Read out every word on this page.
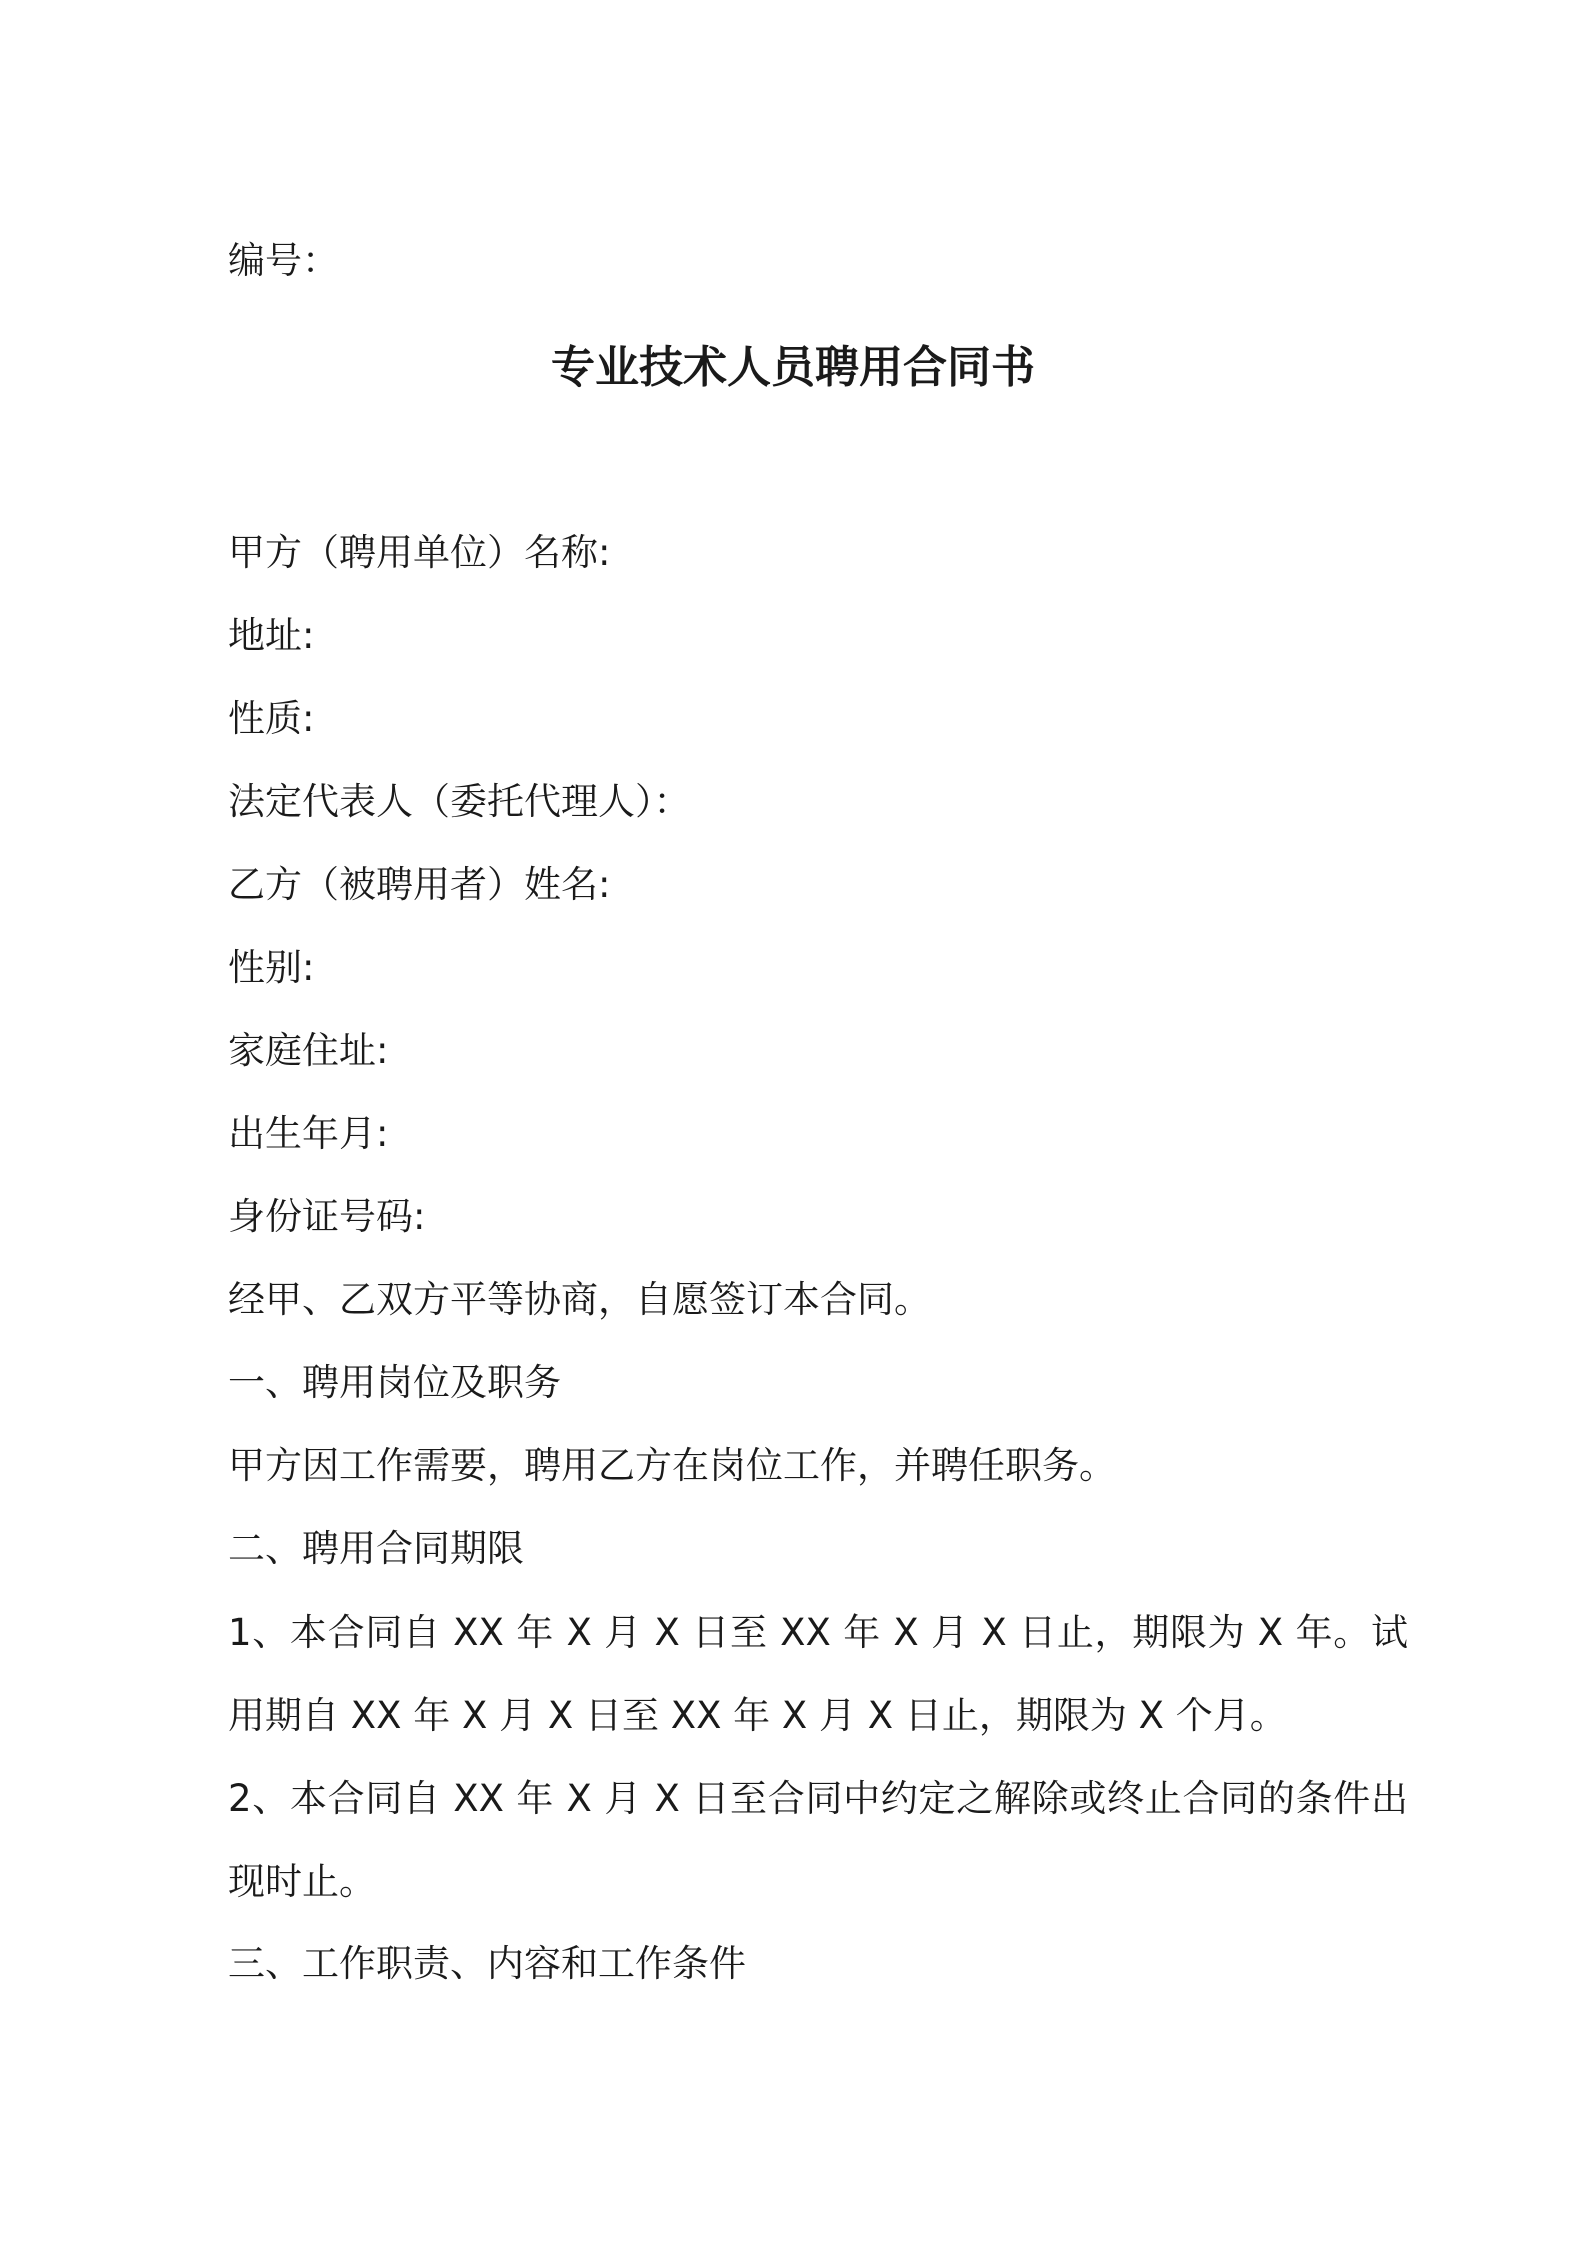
编号：
专业技术人员聘用合同书
甲方（聘用单位）名称:
地址:
性质:
法定代表人（委托代理人）：
乙方（被聘用者）姓名:
性别:
家庭住址:
出生年月:
身份证号码:
经甲、乙双方平等协商，自愿签订本合同。
一、聘用岗位及职务
甲方因工作需要，聘用乙方在岗位工作，并聘任职务。
二、聘用合同期限
1、本合同自 XX 年 X 月 X 日至 XX 年 X 月 X 日止，期限为 X 年。试用期自 XX 年 X 月 X 日至 XX 年 X 月 X 日止，期限为 X 个月。
2、本合同自 XX 年 X 月 X 日至合同中约定之解除或终止合同的条件出现时止。
三、工作职责、内容和工作条件
